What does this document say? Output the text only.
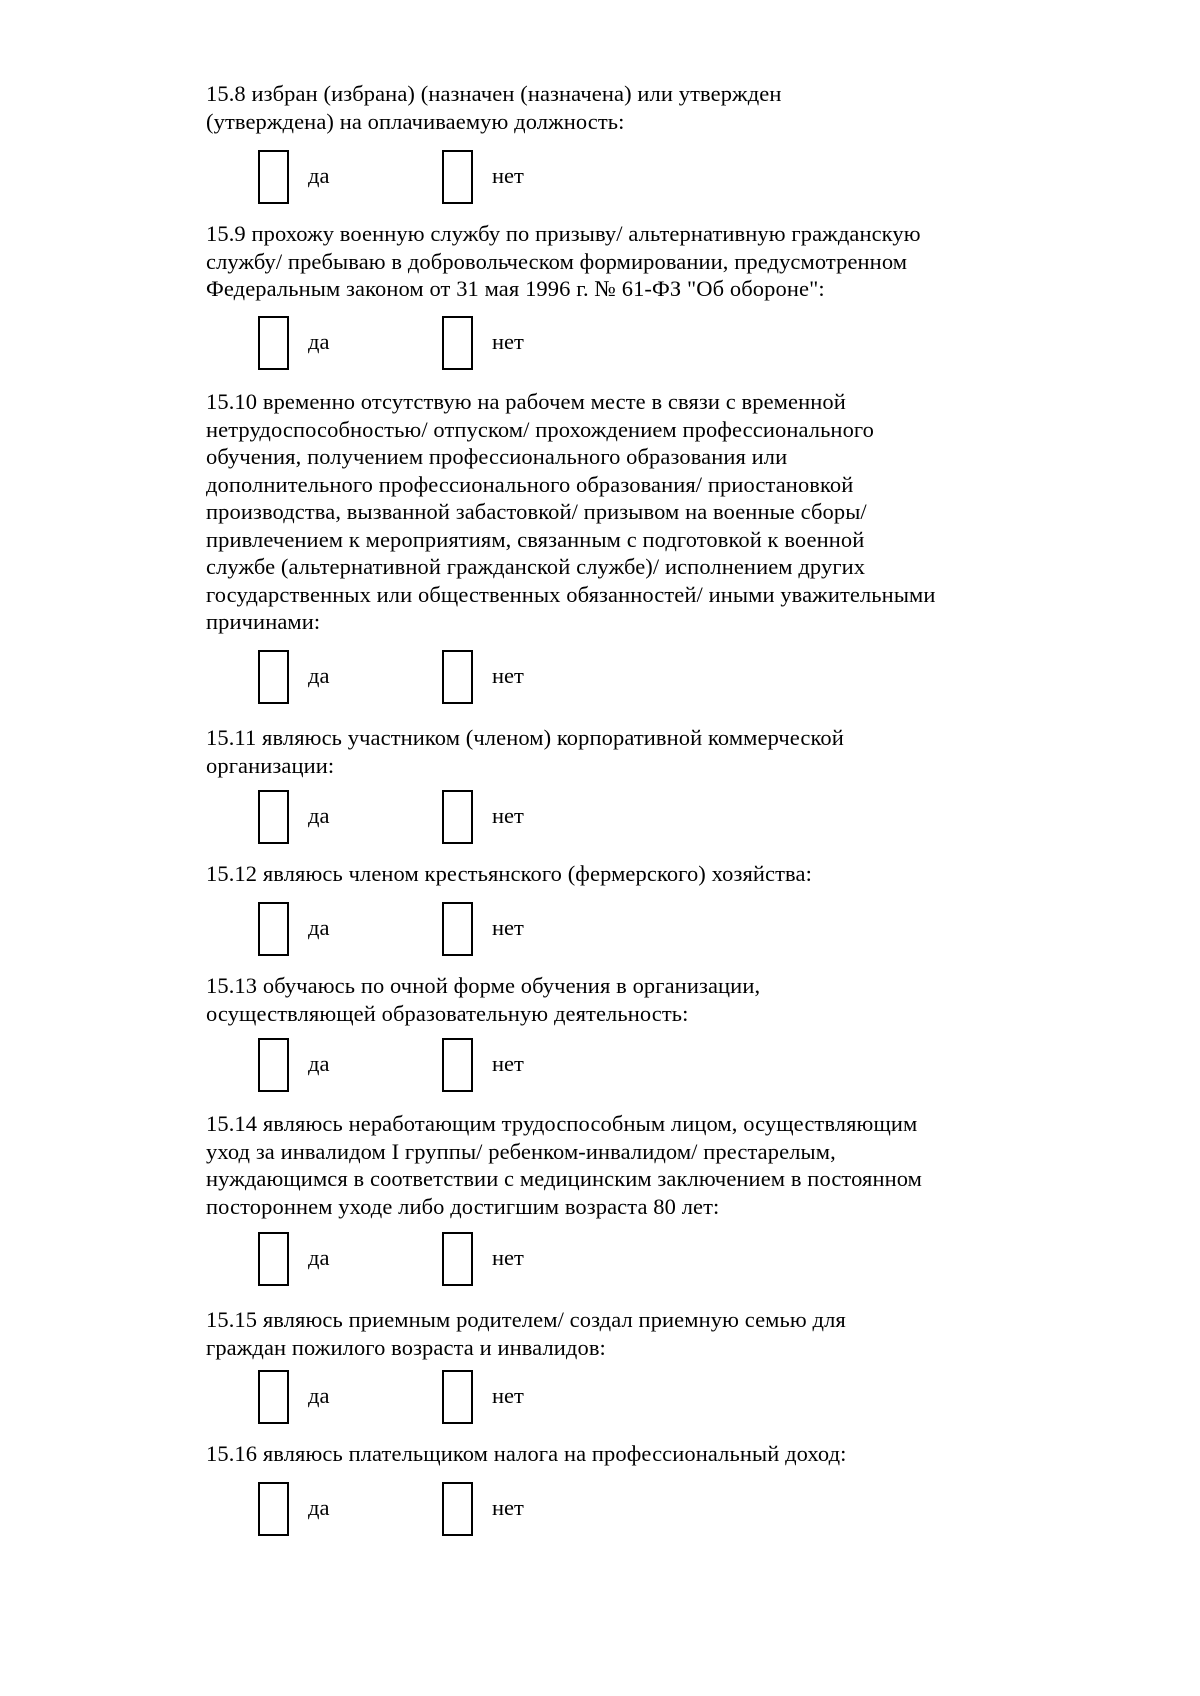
15.8 избран (избрана) (назначен (назначена) или утвержден
(утверждена) на оплачиваемую должность:
да	нет
15.9 прохожу военную службу по призыву/ альтернативную гражданскую
службу/ пребываю в добровольческом формировании, предусмотренном
Федеральным законом от 31 мая 1996 г. № 61-ФЗ "Об обороне":
да	нет
15.10 временно отсутствую на рабочем месте в связи с временной
нетрудоспособностью/ отпуском/ прохождением профессионального
обучения, получением профессионального образования или
дополнительного профессионального образования/ приостановкой
производства, вызванной забастовкой/ призывом на военные сборы/
привлечением к мероприятиям, связанным с подготовкой к военной
службе (альтернативной гражданской службе)/ исполнением других
государственных или общественных обязанностей/ иными уважительными
причинами:
да	нет
15.11 являюсь участником (членом) корпоративной коммерческой
организации:
да	нет
15.12 являюсь членом крестьянского (фермерского) хозяйства:
да	нет
15.13 обучаюсь по очной форме обучения в организации,
осуществляющей образовательную деятельность:
да	нет
15.14 являюсь неработающим трудоспособным лицом, осуществляющим
уход за инвалидом I группы/ ребенком-инвалидом/ престарелым,
нуждающимся в соответствии с медицинским заключением в постоянном
постороннем уходе либо достигшим возраста 80 лет:
да	нет
15.15 являюсь приемным родителем/ создал приемную семью для
граждан пожилого возраста и инвалидов:
да	нет
15.16 являюсь плательщиком налога на профессиональный доход:
да	нет
